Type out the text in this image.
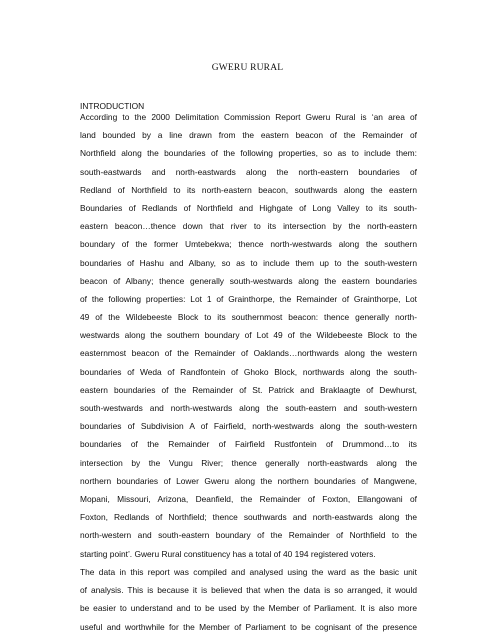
GWERU RURAL
INTRODUCTION
According to the 2000 Delimitation Commission Report Gweru Rural is ‘an area of
land bounded by a line drawn from the eastern beacon of the Remainder of
Northfield along the boundaries of the following properties, so as to include them:
south-eastwards and north-eastwards along the north-eastern boundaries of
Redland of Northfield to its north-eastern beacon, southwards along the eastern
Boundaries of Redlands of Northfield and Highgate of Long Valley to its south-
eastern beacon…thence down that river to its intersection by the north-eastern
boundary of the former Umtebekwa; thence north-westwards along the southern
boundaries of Hashu and Albany, so as to include them up to the south-western
beacon of Albany; thence generally south-westwards along the eastern boundaries
of the following properties: Lot 1 of Grainthorpe, the Remainder of Grainthorpe, Lot
49 of the Wildebeeste Block to its southernmost beacon: thence generally north-
westwards along the southern boundary of Lot 49 of the Wildebeeste Block to the
easternmost beacon of the Remainder of Oaklands…northwards along the western
boundaries of Weda of Randfontein of Ghoko Block, northwards along the south-
eastern boundaries of the Remainder of St. Patrick and Braklaagte of Dewhurst,
south-westwards and north-westwards along the south-eastern and south-western
boundaries of Subdivision A of Fairfield, north-westwards along the south-western
boundaries of the Remainder of Fairfield Rustfontein of Drummond…to its
intersection by the Vungu River; thence generally north-eastwards along the
northern boundaries of Lower Gweru along the northern boundaries of Mangwene,
Mopani, Missouri, Arizona, Deanfield, the Remainder of Foxton, Ellangowani of
Foxton, Redlands of Northfield; thence southwards and north-eastwards along the
north-western and south-eastern boundary of the Remainder of Northfield to the
starting point’. Gweru Rural constituency has a total of 40 194 registered voters.
The data in this report was compiled and analysed using the ward as the basic unit
of analysis. This is because it is believed that when the data is so arranged, it would
be easier to understand and to be used by the Member of Parliament. It is also more
useful and worthwhile for the Member of Parliament to be cognisant of the presence
